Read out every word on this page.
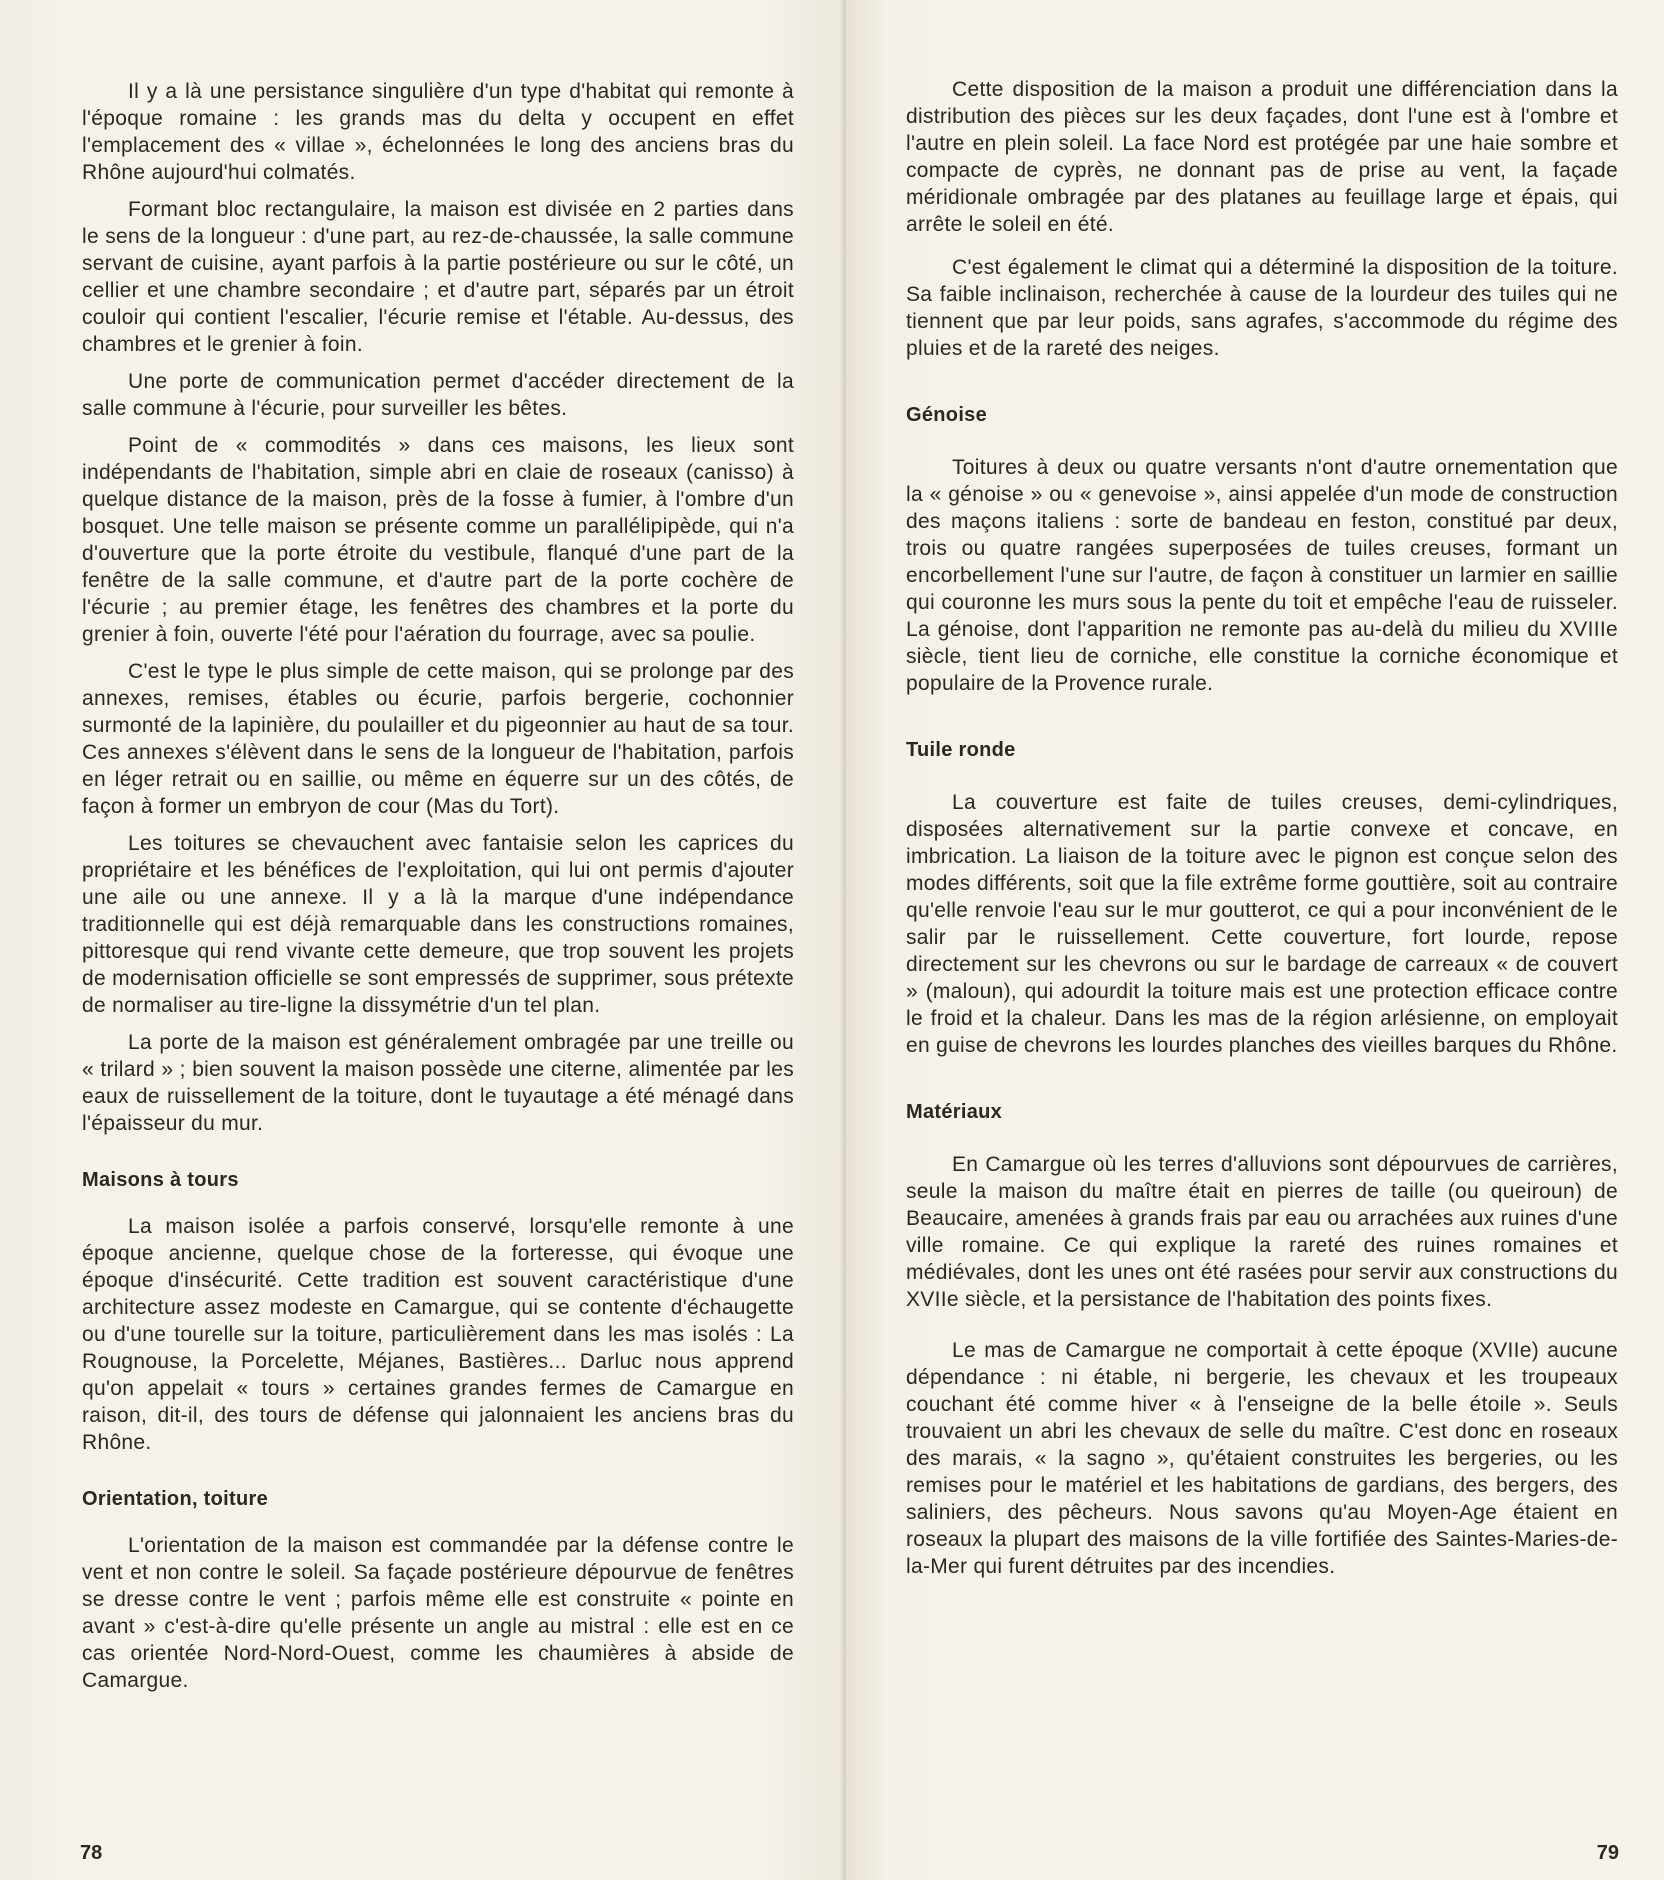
Il y a là une persistance singulière d'un type d'habitat qui remonte à l'époque romaine : les grands mas du delta y occupent en effet l'emplacement des « villae », échelonnées le long des anciens bras du Rhône aujourd'hui colmatés.

Formant bloc rectangulaire, la maison est divisée en 2 parties dans le sens de la longueur : d'une part, au rez-de-chaussée, la salle commune servant de cuisine, ayant parfois à la partie postérieure ou sur le côté, un cellier et une chambre secondaire ; et d'autre part, séparés par un étroit couloir qui contient l'escalier, l'écurie remise et l'étable. Au-dessus, des chambres et le grenier à foin.

Une porte de communication permet d'accéder directement de la salle commune à l'écurie, pour surveiller les bêtes.

Point de « commodités » dans ces maisons, les lieux sont indépendants de l'habitation, simple abri en claie de roseaux (canisso) à quelque distance de la maison, près de la fosse à fumier, à l'ombre d'un bosquet. Une telle maison se présente comme un parallélipipède, qui n'a d'ouverture que la porte étroite du vestibule, flanqué d'une part de la fenêtre de la salle commune, et d'autre part de la porte cochère de l'écurie ; au premier étage, les fenêtres des chambres et la porte du grenier à foin, ouverte l'été pour l'aération du fourrage, avec sa poulie.

C'est le type le plus simple de cette maison, qui se prolonge par des annexes, remises, étables ou écurie, parfois bergerie, cochonnier surmonté de la lapinière, du poulailler et du pigeonnier au haut de sa tour. Ces annexes s'élèvent dans le sens de la longueur de l'habitation, parfois en léger retrait ou en saillie, ou même en équerre sur un des côtés, de façon à former un embryon de cour (Mas du Tort).

Les toitures se chevauchent avec fantaisie selon les caprices du propriétaire et les bénéfices de l'exploitation, qui lui ont permis d'ajouter une aile ou une annexe. Il y a là la marque d'une indépendance traditionnelle qui est déjà remarquable dans les constructions romaines, pittoresque qui rend vivante cette demeure, que trop souvent les projets de modernisation officielle se sont empressés de supprimer, sous prétexte de normaliser au tire-ligne la dissymétrie d'un tel plan.

La porte de la maison est généralement ombragée par une treille ou « trilard » ; bien souvent la maison possède une citerne, alimentée par les eaux de ruissellement de la toiture, dont le tuyautage a été ménagé dans l'épaisseur du mur.

Maisons à tours

La maison isolée a parfois conservé, lorsqu'elle remonte à une époque ancienne, quelque chose de la forteresse, qui évoque une époque d'insécurité. Cette tradition est souvent caractéristique d'une architecture assez modeste en Camargue, qui se contente d'échaugette ou d'une tourelle sur la toiture, particulièrement dans les mas isolés : La Rougnouse, la Porcelette, Méjanes, Bastières... Darluc nous apprend qu'on appelait « tours » certaines grandes fermes de Camargue en raison, dit-il, des tours de défense qui jalonnaient les anciens bras du Rhône.

Orientation, toiture

L'orientation de la maison est commandée par la défense contre le vent et non contre le soleil. Sa façade postérieure dépourvue de fenêtres se dresse contre le vent ; parfois même elle est construite « pointe en avant » c'est-à-dire qu'elle présente un angle au mistral : elle est en ce cas orientée Nord-Nord-Ouest, comme les chaumières à abside de Camargue.

78

Cette disposition de la maison a produit une différenciation dans la distribution des pièces sur les deux façades, dont l'une est à l'ombre et l'autre en plein soleil. La face Nord est protégée par une haie sombre et compacte de cyprès, ne donnant pas de prise au vent, la façade méridionale ombragée par des platanes au feuillage large et épais, qui arrête le soleil en été.

C'est également le climat qui a déterminé la disposition de la toiture. Sa faible inclinaison, recherchée à cause de la lourdeur des tuiles qui ne tiennent que par leur poids, sans agrafes, s'accommode du régime des pluies et de la rareté des neiges.

Génoise

Toitures à deux ou quatre versants n'ont d'autre ornementation que la « génoise » ou « genevoise », ainsi appelée d'un mode de construction des maçons italiens : sorte de bandeau en feston, constitué par deux, trois ou quatre rangées superposées de tuiles creuses, formant un encorbellement l'une sur l'autre, de façon à constituer un larmier en saillie qui couronne les murs sous la pente du toit et empêche l'eau de ruisseler. La génoise, dont l'apparition ne remonte pas au-delà du milieu du XVIIIe siècle, tient lieu de corniche, elle constitue la corniche économique et populaire de la Provence rurale.

Tuile ronde

La couverture est faite de tuiles creuses, demi-cylindriques, disposées alternativement sur la partie convexe et concave, en imbrication. La liaison de la toiture avec le pignon est conçue selon des modes différents, soit que la file extrême forme gouttière, soit au contraire qu'elle renvoie l'eau sur le mur goutterot, ce qui a pour inconvénient de le salir par le ruissellement. Cette couverture, fort lourde, repose directement sur les chevrons ou sur le bardage de carreaux « de couvert » (maloun), qui adourdit la toiture mais est une protection efficace contre le froid et la chaleur. Dans les mas de la région arlésienne, on employait en guise de chevrons les lourdes planches des vieilles barques du Rhône.

Matériaux

En Camargue où les terres d'alluvions sont dépourvues de carrières, seule la maison du maître était en pierres de taille (ou queiroun) de Beaucaire, amenées à grands frais par eau ou arrachées aux ruines d'une ville romaine. Ce qui explique la rareté des ruines romaines et médiévales, dont les unes ont été rasées pour servir aux constructions du XVIIe siècle, et la persistance de l'habitation des points fixes.

Le mas de Camargue ne comportait à cette époque (XVIIe) aucune dépendance : ni étable, ni bergerie, les chevaux et les troupeaux couchant été comme hiver « à l'enseigne de la belle étoile ». Seuls trouvaient un abri les chevaux de selle du maître. C'est donc en roseaux des marais, « la sagno », qu'étaient construites les bergeries, ou les remises pour le matériel et les habitations de gardians, des bergers, des saliniers, des pêcheurs. Nous savons qu'au Moyen-Age étaient en roseaux la plupart des maisons de la ville fortifiée des Saintes-Maries-de-la-Mer qui furent détruites par des incendies.

79
